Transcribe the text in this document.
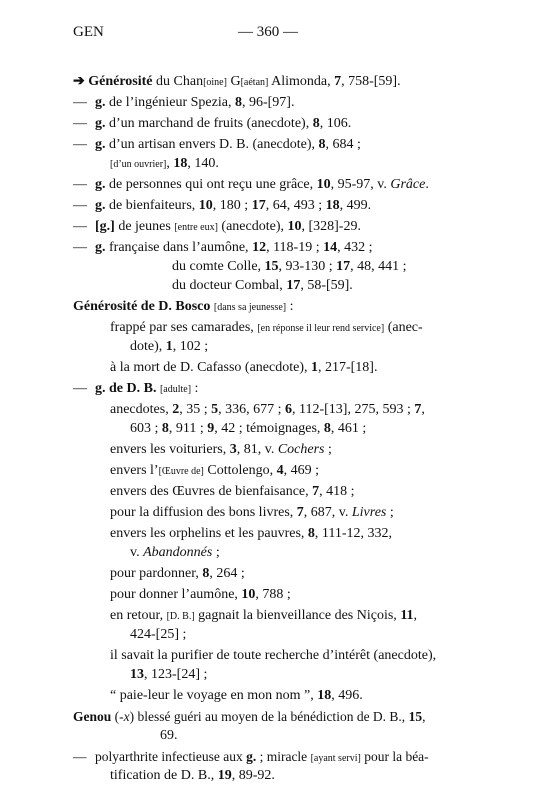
— 360 —
GEN
➔ Générosité du Chan[oine] G[aétan] Alimonda, 7, 758-[59].
— g. de l’ingénieur Spezia, 8, 96-[97].
— g. d’un marchand de fruits (anecdote), 8, 106.
— g. d’un artisan envers D. B. (anecdote), 8, 684 ;
[d’un ouvrier], 18, 140.
— g. de personnes qui ont reçu une grâce, 10, 95-97, v. Grâce.
— g. de bienfaiteurs, 10, 180 ; 17, 64, 493 ; 18, 499.
— [g.] de jeunes [entre eux] (anecdote), 10, [328]-29.
— g. française dans l’aumône, 12, 118-19 ; 14, 432 ;
du comte Colle, 15, 93-130 ; 17, 48, 441 ;
du docteur Combal, 17, 58-[59].
Générosité de D. Bosco [dans sa jeunesse] :
frappé par ses camarades, [en réponse il leur rend service] (anec-
dote), 1, 102 ;
à la mort de D. Cafasso (anecdote), 1, 217-[18].
— g. de D. B. [adulte] :
anecdotes, 2, 35 ; 5, 336, 677 ; 6, 112-[13], 275, 593 ; 7,
603 ; 8, 911 ; 9, 42 ; témoignages, 8, 461 ;
envers les voituriers, 3, 81, v. Cochers ;
envers l’[Œuvre de] Cottolengo, 4, 469 ;
envers des Œuvres de bienfaisance, 7, 418 ;
pour la diffusion des bons livres, 7, 687, v. Livres ;
envers les orphelins et les pauvres, 8, 111-12, 332,
v. Abandonnés ;
pour pardonner, 8, 264 ;
pour donner l’aumône, 10, 788 ;
en retour, [D. B.] gagnait la bienveillance des Niçois, 11,
424-[25] ;
il savait la purifier de toute recherche d’intérêt (anecdote),
13, 123-[24] ;
“ paie-leur le voyage en mon nom ”, 18, 496.
Genou (-x) blessé guéri au moyen de la bénédiction de D. B., 15,
69.
— polyarthrite infectieuse aux g. ; miracle [ayant servi] pour la béa-
tification de D. B., 19, 89-92.
